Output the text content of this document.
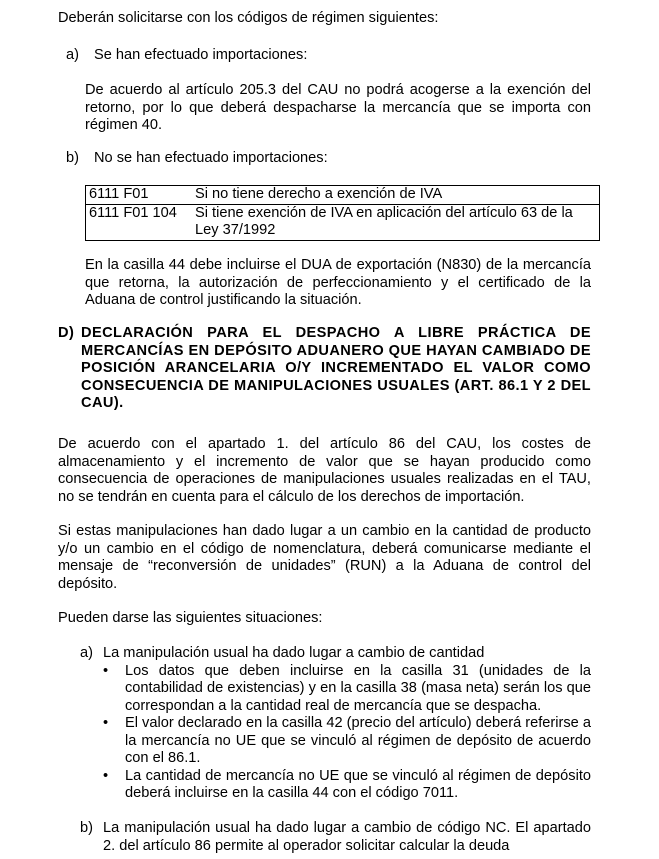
Deberán solicitarse con los códigos de régimen siguientes:
a) Se han efectuado importaciones:
De acuerdo al artículo 205.3 del CAU no podrá acogerse a la exención del retorno, por lo que deberá despacharse la mercancía que se importa con régimen 40.
b) No se han efectuado importaciones:
6111 F01	Si no tiene derecho a exención de IVA
6111 F01 104	Si tiene exención de IVA en aplicación del artículo 63 de la Ley 37/1992
En la casilla 44 debe incluirse el DUA de exportación (N830) de la mercancía que retorna, la autorización de perfeccionamiento y el certificado de la Aduana de control justificando la situación.
D) DECLARACIÓN PARA EL DESPACHO A LIBRE PRÁCTICA DE MERCANCÍAS EN DEPÓSITO ADUANERO QUE HAYAN CAMBIADO DE POSICIÓN ARANCELARIA O/Y INCREMENTADO EL VALOR COMO CONSECUENCIA DE MANIPULACIONES USUALES (ART. 86.1 Y 2 DEL CAU).
De acuerdo con el apartado 1. del artículo 86 del CAU, los costes de almacenamiento y el incremento de valor que se hayan producido como consecuencia de operaciones de manipulaciones usuales realizadas en el TAU, no se tendrán en cuenta para el cálculo de los derechos de importación.
Si estas manipulaciones han dado lugar a un cambio en la cantidad de producto y/o un cambio en el código de nomenclatura, deberá comunicarse mediante el mensaje de “reconversión de unidades” (RUN) a la Aduana de control del depósito.
Pueden darse las siguientes situaciones:
a) La manipulación usual ha dado lugar a cambio de cantidad
• Los datos que deben incluirse en la casilla 31 (unidades de la contabilidad de existencias) y en la casilla 38 (masa neta) serán los que correspondan a la cantidad real de mercancía que se despacha.
• El valor declarado en la casilla 42 (precio del artículo) deberá referirse a la mercancía no UE que se vinculó al régimen de depósito de acuerdo con el 86.1.
• La cantidad de mercancía no UE que se vinculó al régimen de depósito deberá incluirse en la casilla 44 con el código 7011.
b) La manipulación usual ha dado lugar a cambio de código NC. El apartado 2. del artículo 86 permite al operador solicitar calcular la deuda
